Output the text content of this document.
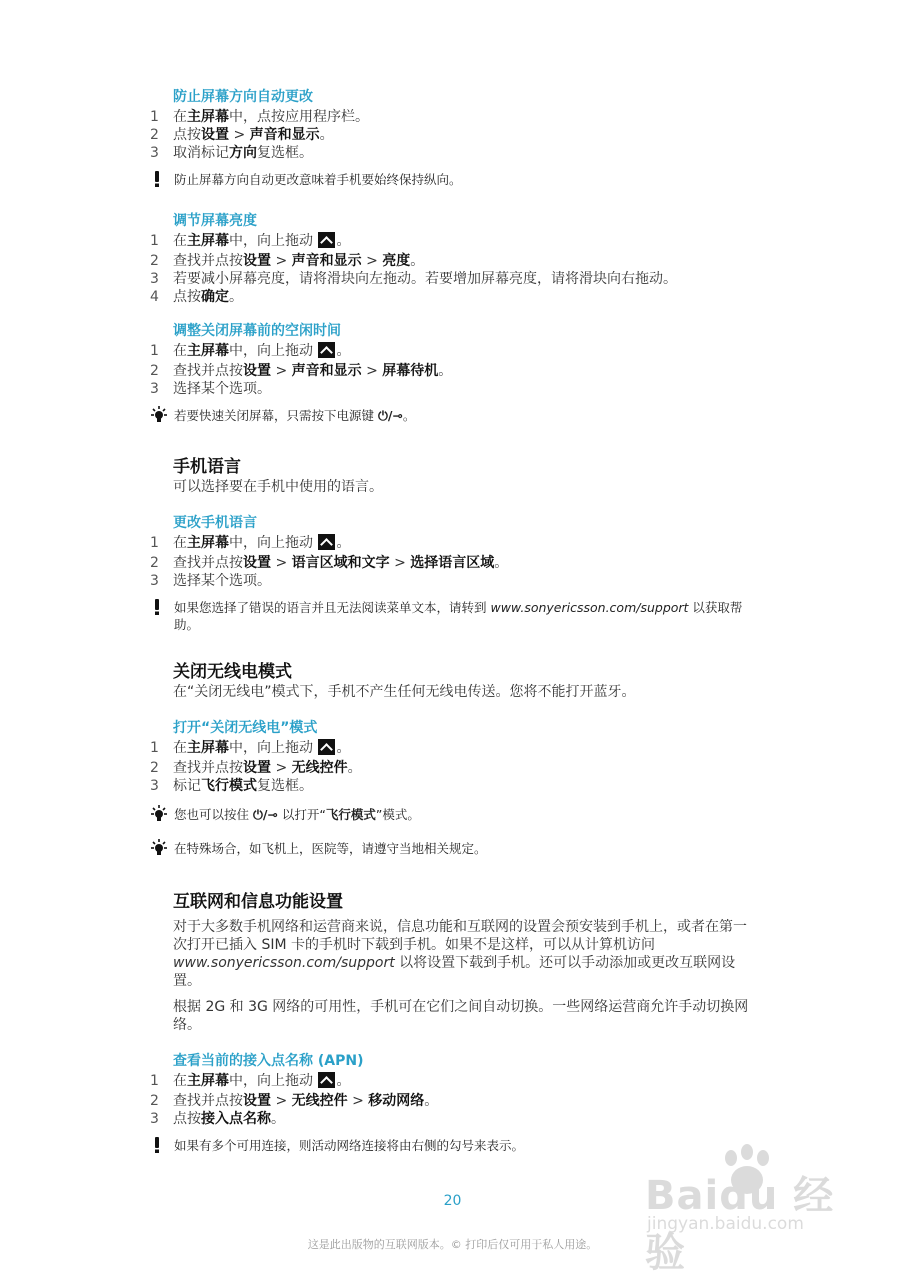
防止屏幕方向自动更改
1	在主屏幕中，点按应用程序栏。
2	点按设置 > 声音和显示。
3	取消标记方向复选框。
防止屏幕方向自动更改意味着手机要始终保持纵向。
调节屏幕亮度
1	在主屏幕中，向上拖动 。
2	查找并点按设置 > 声音和显示 > 亮度。
3	若要减小屏幕亮度，请将滑块向左拖动。若要增加屏幕亮度，请将滑块向右拖动。
4	点按确定。
调整关闭屏幕前的空闲时间
1	在主屏幕中，向上拖动 。
2	查找并点按设置 > 声音和显示 > 屏幕待机。
3	选择某个选项。
若要快速关闭屏幕，只需按下电源键 ⏻/⊸。
手机语言
可以选择要在手机中使用的语言。
更改手机语言
1	在主屏幕中，向上拖动 。
2	查找并点按设置 > 语言区域和文字 > 选择语言区域。
3	选择某个选项。
如果您选择了错误的语言并且无法阅读菜单文本，请转到 www.sonyericsson.com/support 以获取帮助。
关闭无线电模式
在“关闭无线电”模式下，手机不产生任何无线电传送。您将不能打开蓝牙。
打开“关闭无线电”模式
1	在主屏幕中，向上拖动 。
2	查找并点按设置 > 无线控件。
3	标记飞行模式复选框。
您也可以按住 ⏻/⊸ 以打开“飞行模式”模式。
在特殊场合，如飞机上，医院等，请遵守当地相关规定。
互联网和信息功能设置
对于大多数手机网络和运营商来说，信息功能和互联网的设置会预安装到手机上，或者在第一次打开已插入 SIM 卡的手机时下载到手机。如果不是这样，可以从计算机访问www.sonyericsson.com/support 以将设置下载到手机。还可以手动添加或更改互联网设置。
根据 2G 和 3G 网络的可用性，手机可在它们之间自动切换。一些网络运营商允许手动切换网络。
查看当前的接入点名称 (APN)
1	在主屏幕中，向上拖动 。
2	查找并点按设置 > 无线控件 > 移动网络。
3	点按接入点名称。
如果有多个可用连接，则活动网络连接将由右侧的勾号来表示。
20
这是此出版物的互联网版本。© 打印后仅可用于私人用途。
Baidu 经验
jingyan.baidu.com
